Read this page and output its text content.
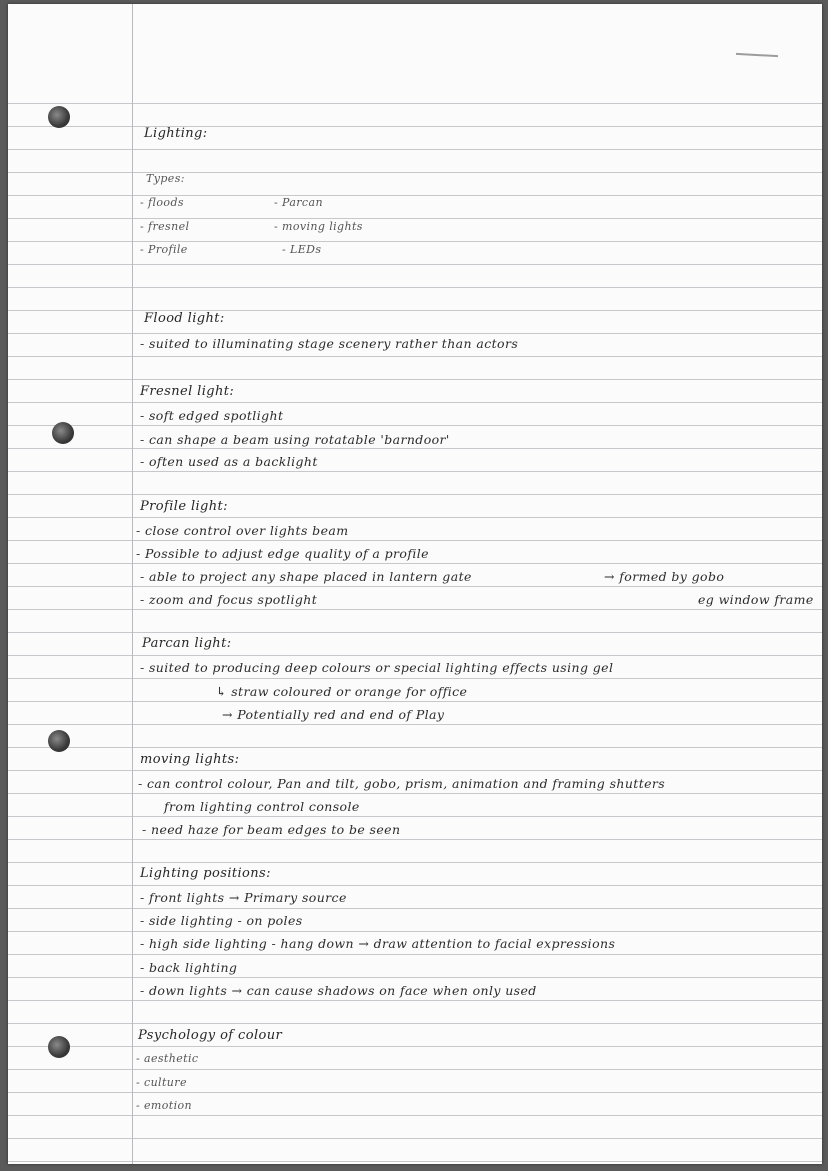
Lighting:
Types:
- floods
- fresnel
- Profile
- Parcan
- moving lights
- LEDs
Flood light:
- suited to illuminating stage scenery rather than actors
Fresnel light:
- soft edged spotlight
- can shape a beam using rotatable 'barndoor'
- often used as a backlight
Profile light:
- close control over lights beam
- Possible to adjust edge quality of a profile
- able to project any shape placed in lantern gate
- zoom and focus spotlight
→ formed by gobo
eg window frame
Parcan light:
- suited to producing deep colours or special lighting effects using gel
↳ straw coloured or orange for office
→ Potentially red and end of Play
moving lights:
- can control colour, Pan and tilt, gobo, prism, animation and framing shutters
from lighting control console
- need haze for beam edges to be seen
Lighting positions:
- front lights → Primary source
- side lighting - on poles
- high side lighting - hang down → draw attention to facial expressions
- back lighting
- down lights → can cause shadows on face when only used
Psychology of colour
- aesthetic
- culture
- emotion
